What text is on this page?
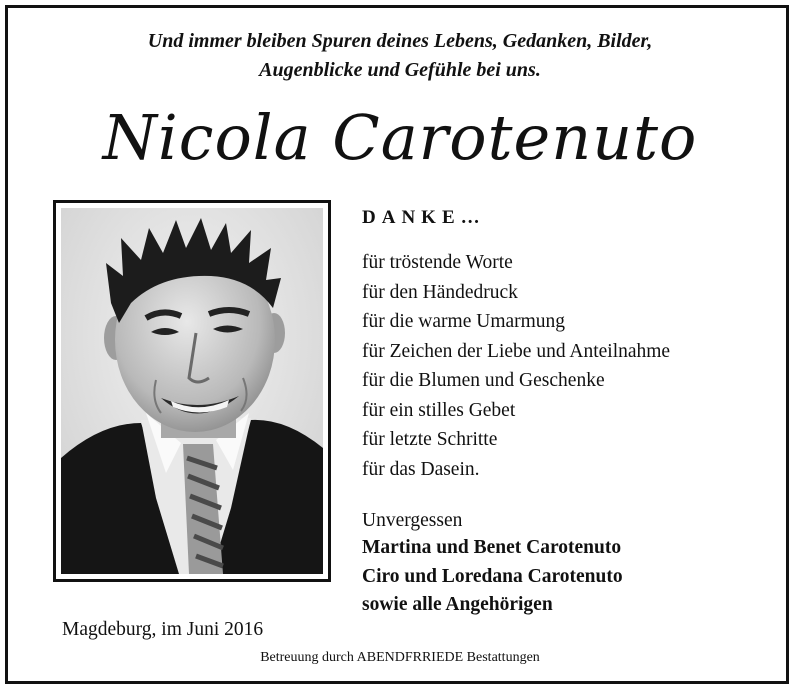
Und immer bleiben Spuren deines Lebens, Gedanken, Bilder,
Augenblicke und Gefühle bei uns.
Nicola Carotenuto
DANKE…
für tröstende Worte
für den Händedruck
für die warme Umarmung
für Zeichen der Liebe und Anteilnahme
für die Blumen und Geschenke
für ein stilles Gebet
für letzte Schritte
für das Dasein.
Unvergessen
Martina und Benet Carotenuto
Ciro und Loredana Carotenuto
sowie alle Angehörigen
Magdeburg, im Juni 2016
Betreuung durch ABENDFRRIEDE Bestattungen
